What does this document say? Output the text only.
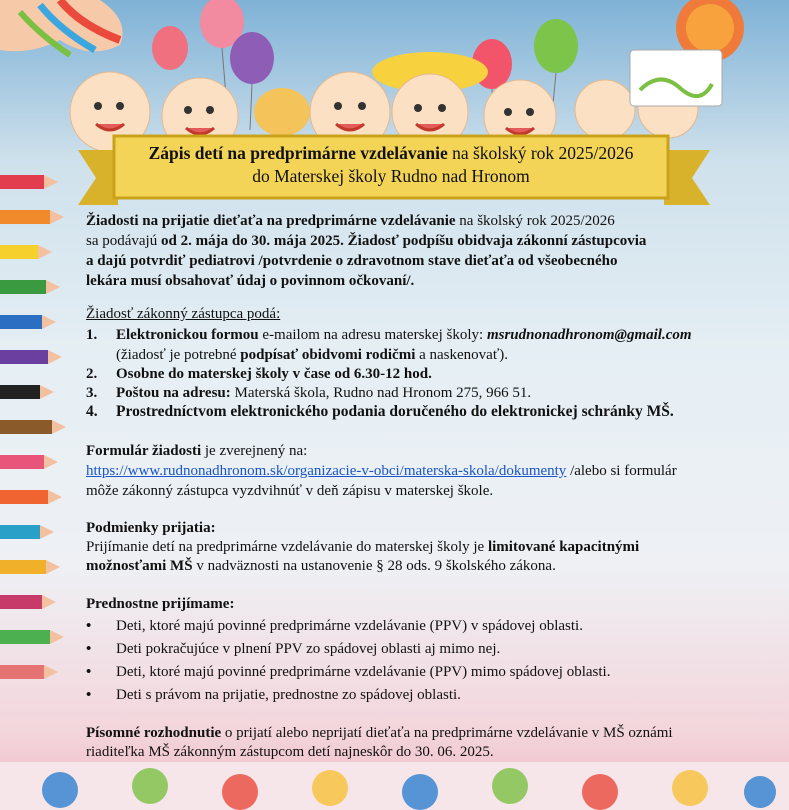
Zápis detí na predprimárne vzdelávanie na školský rok 2025/2026
do Materskej školy Rudno nad Hronom
Žiadosti na prijatie dieťaťa na predprimárne vzdelávanie na školský rok 2025/2026
sa podávajú od 2. mája do 30. mája 2025. Žiadosť podpíšu obidvaja zákonní zástupcovia
a dajú potvrdiť pediatrovi /potvrdenie o zdravotnom stave dieťaťa od všeobecného
lekára musí obsahovať údaj o povinnom očkovaní/.
Žiadosť zákonný zástupca podá:
1. Elektronickou formou e-mailom na adresu materskej školy: msrudnonadhronom@gmail.com
(žiadosť je potrebné podpísať obidvomi rodičmi a naskenovať).
2. Osobne do materskej školy v čase od 6.30-12 hod.
3. Poštou na adresu: Materská škola, Rudno nad Hronom 275, 966 51.
4. Prostredníctvom elektronického podania doručeného do elektronickej schránky MŠ.
Formulár žiadosti je zverejnený na:
https://www.rudnonadhronom.sk/organizacie-v-obci/materska-skola/dokumenty /alebo si formulár
môže zákonný zástupca vyzdvihnúť v deň zápisu v materskej škole.
Podmienky prijatia:
Prijímanie detí na predprimárne vzdelávanie do materskej školy je limitované kapacitnými
možnosťami MŠ v nadväznosti na ustanovenie § 28 ods. 9 školského zákona.
Prednostne prijímame:
• Deti, ktoré majú povinné predprimárne vzdelávanie (PPV) v spádovej oblasti.
• Deti pokračujúce v plnení PPV zo spádovej oblasti aj mimo nej.
• Deti, ktoré majú povinné predprimárne vzdelávanie (PPV) mimo spádovej oblasti.
• Deti s právom na prijatie, prednostne zo spádovej oblasti.
Písomné rozhodnutie o prijatí alebo neprijatí dieťaťa na predprimárne vzdelávanie v MŠ oznámi
riaditeľka MŠ zákonným zástupcom detí najneskôr do 30. 06. 2025.
